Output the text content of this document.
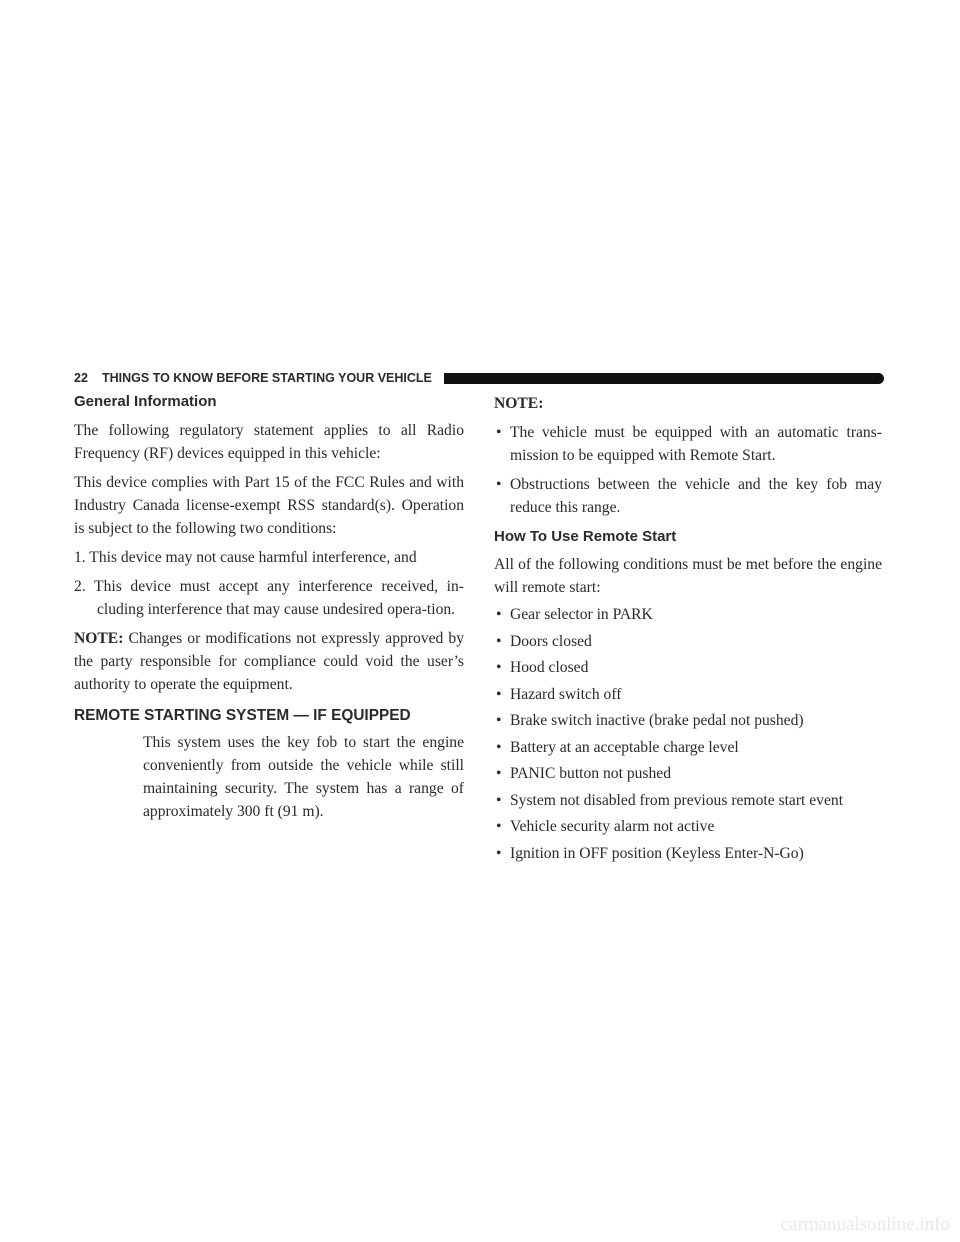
22 THINGS TO KNOW BEFORE STARTING YOUR VEHICLE
General Information

The following regulatory statement applies to all Radio Frequency (RF) devices equipped in this vehicle:

This device complies with Part 15 of the FCC Rules and with Industry Canada license-exempt RSS standard(s). Operation is subject to the following two conditions:

1. This device may not cause harmful interference, and

2. This device must accept any interference received, in-cluding interference that may cause undesired opera-tion.

NOTE: Changes or modifications not expressly approved by the party responsible for compliance could void the user’s authority to operate the equipment.

REMOTE STARTING SYSTEM — IF EQUIPPED

This system uses the key fob to start the engine conveniently from outside the vehicle while still maintaining security. The system has a range of approximately 300 ft (91 m).

NOTE:

• The vehicle must be equipped with an automatic trans-mission to be equipped with Remote Start.

• Obstructions between the vehicle and the key fob may reduce this range.

How To Use Remote Start

All of the following conditions must be met before the engine will remote start:

• Gear selector in PARK

• Doors closed

• Hood closed

• Hazard switch off

• Brake switch inactive (brake pedal not pushed)

• Battery at an acceptable charge level

• PANIC button not pushed

• System not disabled from previous remote start event

• Vehicle security alarm not active

• Ignition in OFF position (Keyless Enter-N-Go)

carmanualsonline.info
